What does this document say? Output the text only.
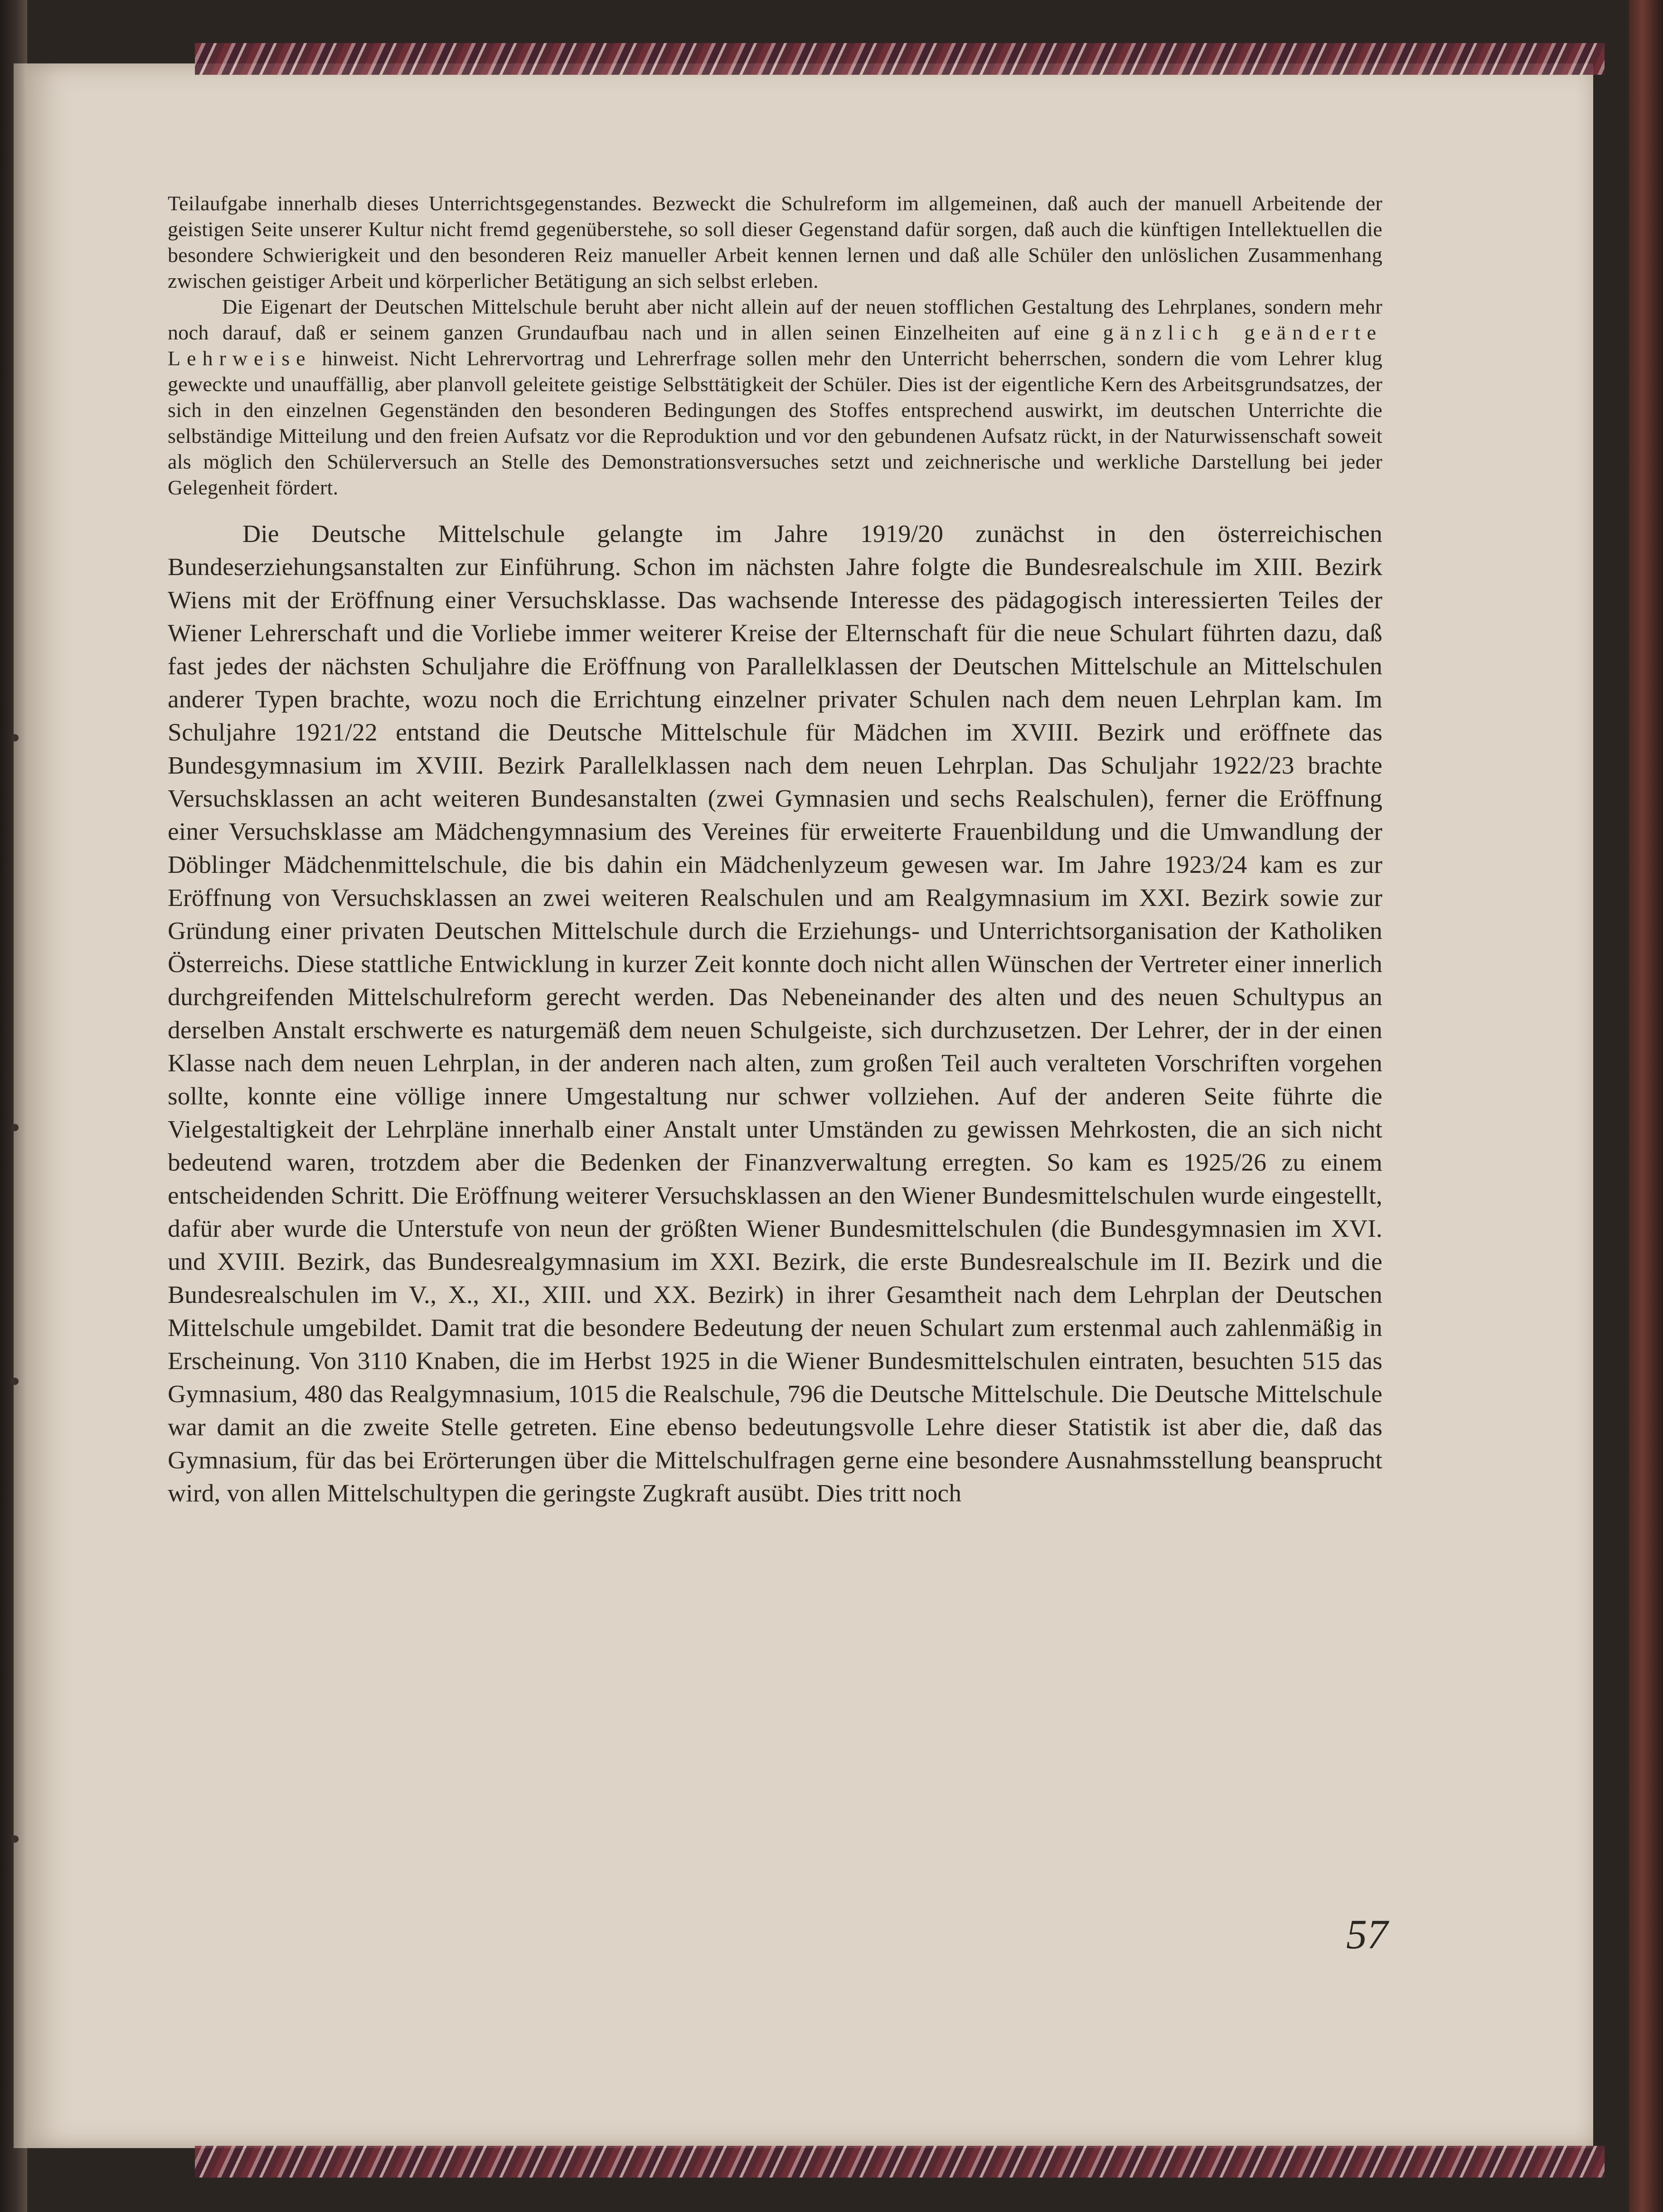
Teilaufgabe innerhalb dieses Unterrichtsgegenstandes. Bezweckt die Schulreform im allgemeinen, daß auch der manuell Arbeitende der geistigen Seite unserer Kultur nicht fremd gegenüberstehe, so soll dieser Gegenstand dafür sorgen, daß auch die künftigen Intellektuellen die besondere Schwierigkeit und den besonderen Reiz manueller Arbeit kennen lernen und daß alle Schüler den unlöslichen Zusammenhang zwischen geistiger Arbeit und körperlicher Betätigung an sich selbst erleben.

Die Eigenart der Deutschen Mittelschule beruht aber nicht allein auf der neuen stofflichen Gestaltung des Lehrplanes, sondern mehr noch darauf, daß er seinem ganzen Grundaufbau nach und in allen seinen Einzelheiten auf eine gänzlich geänderte Lehrweise hinweist. Nicht Lehrervortrag und Lehrerfrage sollen mehr den Unterricht beherrschen, sondern die vom Lehrer klug geweckte und unauffällig, aber planvoll geleitete geistige Selbsttätigkeit der Schüler. Dies ist der eigentliche Kern des Arbeitsgrundsatzes, der sich in den einzelnen Gegenständen den besonderen Bedingungen des Stoffes entsprechend auswirkt, im deutschen Unterrichte die selbständige Mitteilung und den freien Aufsatz vor die Reproduktion und vor den gebundenen Aufsatz rückt, in der Naturwissenschaft soweit als möglich den Schülerversuch an Stelle des Demonstrationsversuches setzt und zeichnerische und werkliche Darstellung bei jeder Gelegenheit fördert.

Die Deutsche Mittelschule gelangte im Jahre 1919/20 zunächst in den österreichischen Bundeserziehungsanstalten zur Einführung. Schon im nächsten Jahre folgte die Bundesrealschule im XIII. Bezirk Wiens mit der Eröffnung einer Versuchsklasse. Das wachsende Interesse des pädagogisch interessierten Teiles der Wiener Lehrerschaft und die Vorliebe immer weiterer Kreise der Elternschaft für die neue Schulart führten dazu, daß fast jedes der nächsten Schuljahre die Eröffnung von Parallelklassen der Deutschen Mittelschule an Mittelschulen anderer Typen brachte, wozu noch die Errichtung einzelner privater Schulen nach dem neuen Lehrplan kam. Im Schuljahre 1921/22 entstand die Deutsche Mittelschule für Mädchen im XVIII. Bezirk und eröffnete das Bundesgymnasium im XVIII. Bezirk Parallelklassen nach dem neuen Lehrplan. Das Schuljahr 1922/23 brachte Versuchsklassen an acht weiteren Bundesanstalten (zwei Gymnasien und sechs Realschulen), ferner die Eröffnung einer Versuchsklasse am Mädchengymnasium des Vereines für erweiterte Frauenbildung und die Umwandlung der Döblinger Mädchenmittelschule, die bis dahin ein Mädchenlyzeum gewesen war. Im Jahre 1923/24 kam es zur Eröffnung von Versuchsklassen an zwei weiteren Realschulen und am Realgymnasium im XXI. Bezirk sowie zur Gründung einer privaten Deutschen Mittelschule durch die Erziehungs- und Unterrichtsorganisation der Katholiken Österreichs. Diese stattliche Entwicklung in kurzer Zeit konnte doch nicht allen Wünschen der Vertreter einer innerlich durchgreifenden Mittelschulreform gerecht werden. Das Nebeneinander des alten und des neuen Schultypus an derselben Anstalt erschwerte es naturgemäß dem neuen Schulgeiste, sich durchzusetzen. Der Lehrer, der in der einen Klasse nach dem neuen Lehrplan, in der anderen nach alten, zum großen Teil auch veralteten Vorschriften vorgehen sollte, konnte eine völlige innere Umgestaltung nur schwer vollziehen. Auf der anderen Seite führte die Vielgestaltigkeit der Lehrpläne innerhalb einer Anstalt unter Umständen zu gewissen Mehrkosten, die an sich nicht bedeutend waren, trotzdem aber die Bedenken der Finanzverwaltung erregten. So kam es 1925/26 zu einem entscheidenden Schritt. Die Eröffnung weiterer Versuchsklassen an den Wiener Bundesmittelschulen wurde eingestellt, dafür aber wurde die Unterstufe von neun der größten Wiener Bundesmittelschulen (die Bundesgymnasien im XVI. und XVIII. Bezirk, das Bundesrealgymnasium im XXI. Bezirk, die erste Bundesrealschule im II. Bezirk und die Bundesrealschulen im V., X., XI., XIII. und XX. Bezirk) in ihrer Gesamtheit nach dem Lehrplan der Deutschen Mittelschule umgebildet. Damit trat die besondere Bedeutung der neuen Schulart zum erstenmal auch zahlenmäßig in Erscheinung. Von 3110 Knaben, die im Herbst 1925 in die Wiener Bundesmittelschulen eintraten, besuchten 515 das Gymnasium, 480 das Realgymnasium, 1015 die Realschule, 796 die Deutsche Mittelschule. Die Deutsche Mittelschule war damit an die zweite Stelle getreten. Eine ebenso bedeutungsvolle Lehre dieser Statistik ist aber die, daß das Gymnasium, für das bei Erörterungen über die Mittelschulfragen gerne eine besondere Ausnahmsstellung beansprucht wird, von allen Mittelschultypen die geringste Zugkraft ausübt. Dies tritt noch

57
